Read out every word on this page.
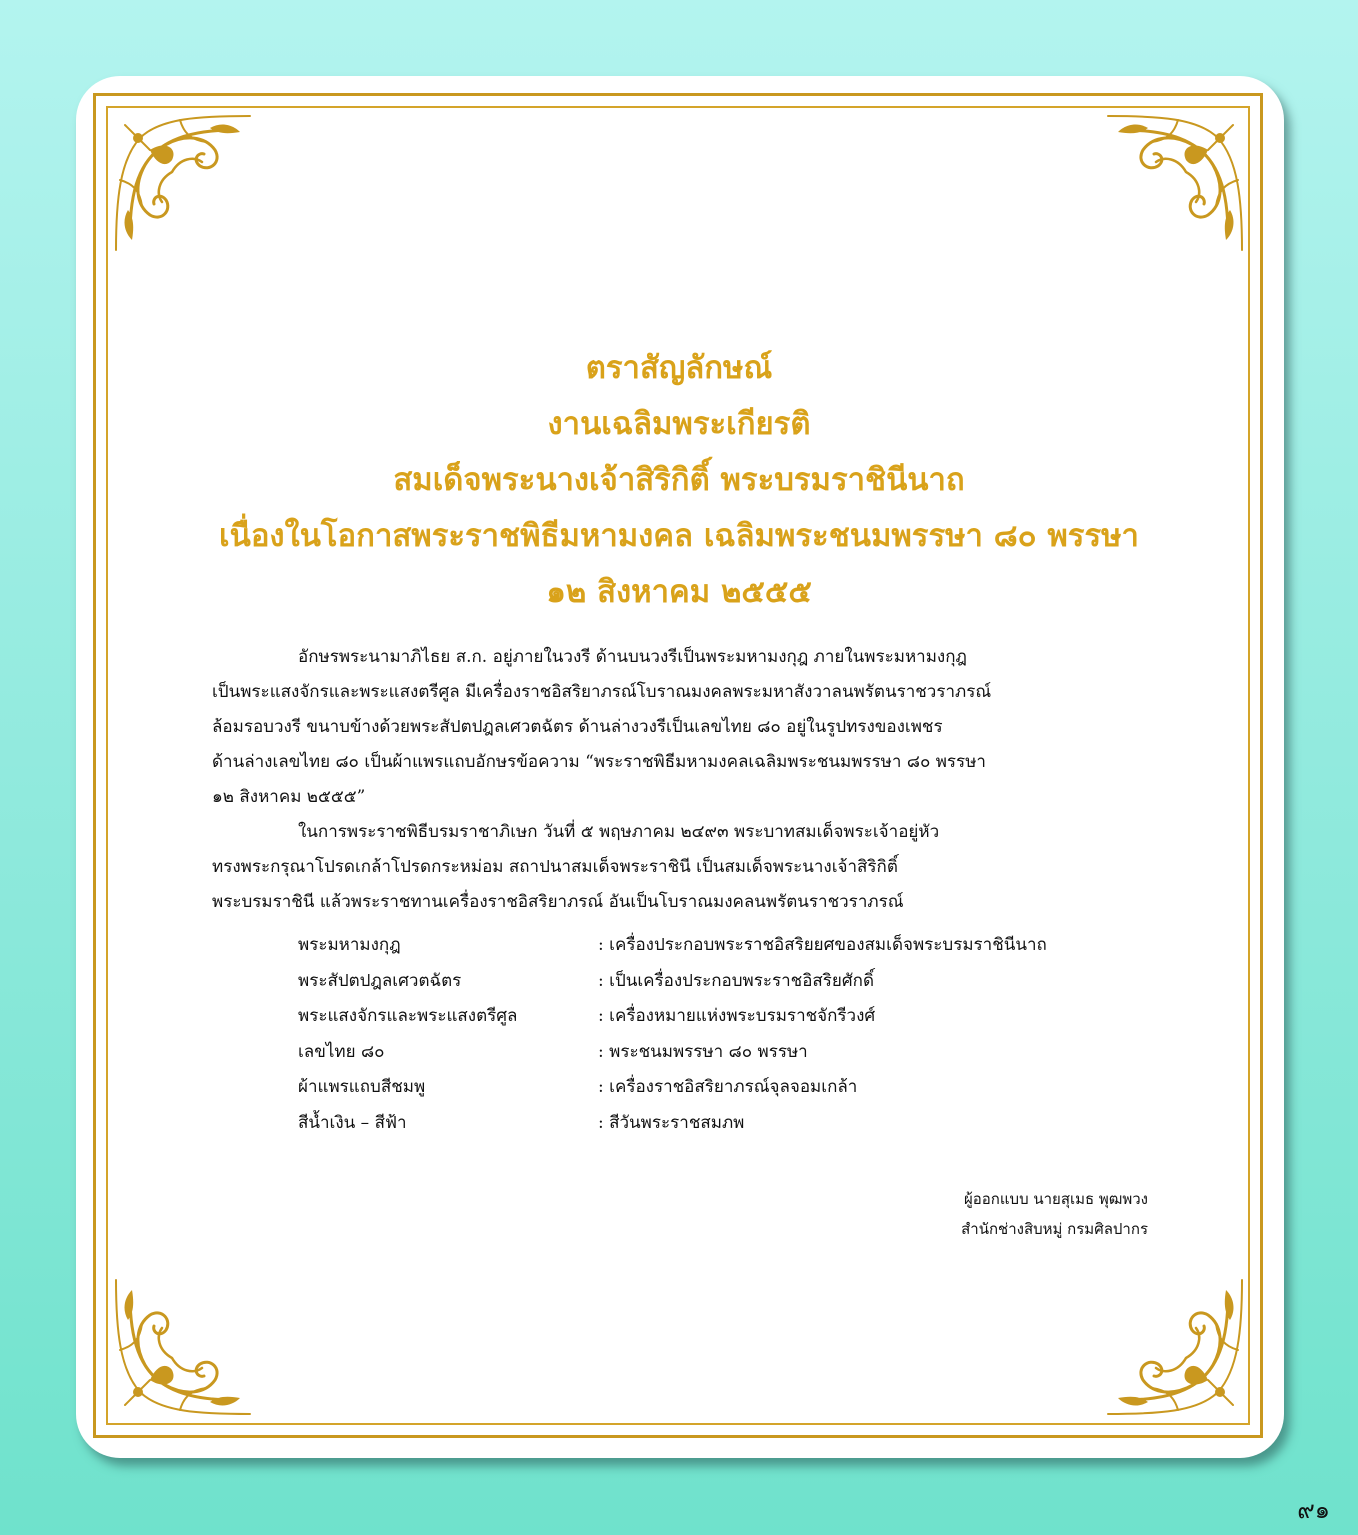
ตราสัญลักษณ์
งานเฉลิมพระเกียรติ
สมเด็จพระนางเจ้าสิริกิติ์ พระบรมราชินีนาถ
เนื่องในโอกาสพระราชพิธีมหามงคล เฉลิมพระชนมพรรษา ๘๐ พรรษา
๑๒ สิงหาคม ๒๕๕๕

อักษรพระนามาภิไธย ส.ก. อยู่ภายในวงรี ด้านบนวงรีเป็นพระมหามงกุฎ ภายในพระมหามงกุฎ
เป็นพระแสงจักรและพระแสงตรีศูล มีเครื่องราชอิสริยาภรณ์โบราณมงคลพระมหาสังวาลนพรัตนราชวราภรณ์
ล้อมรอบวงรี ขนาบข้างด้วยพระสัปตปฎลเศวตฉัตร ด้านล่างวงรีเป็นเลขไทย ๘๐ อยู่ในรูปทรงของเพชร
ด้านล่างเลขไทย ๘๐ เป็นผ้าแพรแถบอักษรข้อความ “พระราชพิธีมหามงคลเฉลิมพระชนมพรรษา ๘๐ พรรษา
๑๒ สิงหาคม ๒๕๕๕”

ในการพระราชพิธีบรมราชาภิเษก วันที่ ๕ พฤษภาคม ๒๔๙๓ พระบาทสมเด็จพระเจ้าอยู่หัว
ทรงพระกรุณาโปรดเกล้าโปรดกระหม่อม สถาปนาสมเด็จพระราชินี เป็นสมเด็จพระนางเจ้าสิริกิติ์
พระบรมราชินี แล้วพระราชทานเครื่องราชอิสริยาภรณ์ อันเป็นโบราณมงคลนพรัตนราชวราภรณ์

พระมหามงกุฎ	: เครื่องประกอบพระราชอิสริยยศของสมเด็จพระบรมราชินีนาถ
พระสัปตปฎลเศวตฉัตร	: เป็นเครื่องประกอบพระราชอิสริยศักดิ์
พระแสงจักรและพระแสงตรีศูล	: เครื่องหมายแห่งพระบรมราชจักรีวงศ์
เลขไทย ๘๐	: พระชนมพรรษา ๘๐ พรรษา
ผ้าแพรแถบสีชมพู	: เครื่องราชอิสริยาภรณ์จุลจอมเกล้า
สีน้ำเงิน – สีฟ้า	: สีวันพระราชสมภพ
ผู้ออกแบบ นายสุเมธ พุฒพวง
สำนักช่างสิบหมู่ กรมศิลปากร
๙๑
